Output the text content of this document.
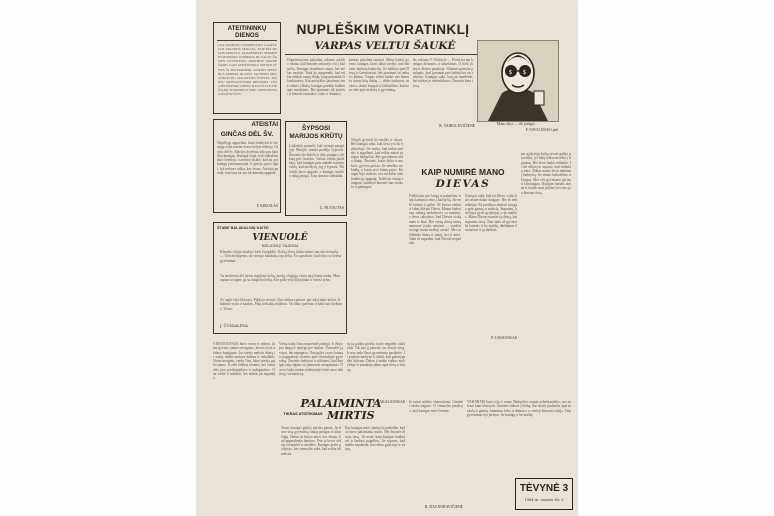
ATEITININKŲ DIENOS
LKP RAMIOJO VANDENYNO GAMYKLOS SPAUDOS SEKCIJA, TAIP PAT RYGOS MOKSLŲ AKADEMIJOS SĖKMINĖS RINKIMŲ KOMISIJA IR NAUJŲ ŠALIES GYVENTOJŲ TARYBOS: PRANEŠAME, KAD ATEITININKŲ DIENOS ĮVYKS ŠĮ SEKMADIENĮ, KURIOS METU BUS MINIMA IR KITŲ JAUNIMO ORGANIZACIJŲ SUKAKTIES ŠVENTĖ, SKIRTŲ ARTĖJANČIOMS DIENOMS. VISI ATEITININKŲ DIENŲ DALYVIAI KVIEČIAMI SUSIRINKTI PRIE VIENUOLYNO BAŽNYČIOS.
ATEISTAI
GINČAS DĖL ŠV.
Neprilygs apgavikui, kuris bažnyčia ir šventųjų valia nuolat tiesos kelyje ieškojo. Ginčas dėl šv. Marijos kryžiaus kilo pas katalikų kunigus. Kunigai teigė, kad stebuklus daro šventoji, o ateistai atsakė, kad tai yra kunigų prasimanymai. Ir ginčas tęsėsi ilgai, kol nebuvo aišku, kas teisus. Ateistai parodė, kad visa tai yra tik žmonių apgaulė.
P. KIRUILAS
NUPLĖŠKIM VORATINKLĮ
VARPAS VELTUI ŠAUKĖ
Organizuojami pakalnių vakaras atsitiko rimtai, kad žmonės nenorėjo eiti į bažnyčią. Kunigas skambino varpu, bet niekas neatėjo. Tada jis nusprendė, kad reikia ieškoti naujų būdų, kaip pritraukti tikinčiuosius. Kai mokyklos jaunimas ėmė rinktis į klubą, kunigas pradėjo kalbėti apie nuodėmes. Bet jaunimas tik juokėsi ir klausėsi muzikos, šoko ir dainavo.
pirmas pakalnių tamsiai. Mūsų kaime gyveno kunigas, kuris labai norėjo, kad žmonės lankytų bažnyčią. Jis kalbėjo apie Dievą ir šventuosius, bet jaunimui tai nebuvo įdomu. Varpas veltui šaukė, nes žmonės turėjo kitų darbų — dirbo laukuose, mokėsi, skaitė knygas ir laikraščius, kuriuose rašė apie mokslą ir gyvenimą.
šis vakaras V. Velaityte — Petrai ka ten kunigas dienomis ir sakydamas. O kiek jis ten ir dienos pasakoja. Vakarais pranyta paslaptis, kad jų namai prie bažnyčios vis tuštesni. Kunigas sako, kad tai nuodėmė, bet niekas jo nebesiklauso. Žmonės žino tiesą.
R. VAIRULEVIČIENĖ
$ $
Mano akys — tik pinigai...
P. NAVALINSKO piel.
ŠYPSOSI MARIJOS KRŪTŲ
Laikraštis pranešė, kad vienoje parapijoje Marijos statula pradėjo šypsotis. Žmonės ėjo žiūrėti ir dėjo pinigus į dėžutę prie statulos. Tačiau vėliau paaiškėjo, kad kunigas pats nudažė statulos veidą, kad atrodytų, jog ji šypsosi. Tikintieji buvo apgauti, o kunigas surinko daug pinigų. Taip daroma stebuklai.
G. BUTAUTAS
Negali gyventi be meilės ir tiesos. Bet kunigai sako, kad tiesa yra tik bažnyčioje. Jie moko, kad reikia melstis ir atgailauti, kad reikia aukoti pinigus bažnyčiai. Bet gyvenimas rodo kitaip. Žmonės, kurie dirba ir mokosi, gyvena geriau. Jie neieško stebuklų, o kuria savo laimę patys. Kunigai bijo mokslo, nes mokslas atskleidžia jų apgaulę. Todėl jie visaip stengiasi sulaikyti žmones nuo mokslo ir pažangos.
ŠTABE BALAKALNIŲ KAITE:
VIENUOLĖ
KELIONIŲ VAIZDAI
Klaudas vėjuje atsakiys kiek žvaigždės. Kokią šlovę kūdaviniuos sau ant vienuolų — Tiesi bedygėnus tik vien po kaudukų tarp kelių, Tos pasakose, kad tylus su šviesa gyvenimas.
Tu nesilemai dėl tiesos regėjimo kelių, juodų, slogiųjų vienų tarp lėpnų rankų. Man sapnavai sapne, gi su daugeliu kelių, Kur pilki vėjo klajojimai ir šviesa tylus.
Ar ruglo sėja dirbsuos. Pikdyja vietose. Kur veikas ypatuse, per atkyrinius kelius. Ir šaltinio vyrai ir kaukės, Pikų stebuklų dailenso. Vis būta: pareitas ir kaltė ant kryžiaus. Tėvas.
J. ČUNIALEVA
VIENUOLYNAS buvo senas ir niūrus. Jame gyveno jaunos merginos, kurias tėvai atidavė kunigams. Jos turėjo melstis dieną ir naktį, dirbti sunkius darbus ir nekalbėti. Viena mergina, vardu Ona, labai norėjo grįžti namo. Ji rašė laiškus tėvams, bet vienuolės juos perskaitydavo ir sudegindavo. Ona verkė ir meldėsi, bet niekas jai nepadėjo.
Vieną naktį Ona nusprendė pabėgti. Ji išlipo pro langą ir nubėgo per laukus. Vienuolės ją vijosi, bet nepagavo. Ona grįžo į savo kaimą ir papasakojo visiems apie vienuolyno gyvenimą. Žmonės stebėjosi ir piktinosi, kad kunigai taip elgiasi su jaunomis merginomis. Nuo to laiko niekas nebenorėjo leisti savo dukterų į vienuolyną.
su jų puikiu grožiu, kurio negalėjo atskleisti. Tik kas jį pamatė, tas žinojo tiesą. Ir nuo tada Onos gyvenimas pasikeitė. Ji pradėjo mokytis ir dirbti, kad galėtų padėti kitiems. Dabar ji moko vaikus mokykloje ir pasakoja jiems apie tiesą ir laisvę.
K. SAKALAUSKAS
KAIP NUMIRĖ MANO
DIEVAS
Pažiūrėjau pro langą ir pamačiau, kaip kaimynai eina į bažnyčią. Jie nešė žvakes ir gėles. Aš buvau vaikas ir labai tikėjau Dievu. Mama kiekvieną vakarą melsdavosi su manimi, o tėvas sakydavo, kad Dievas viską mato ir žino. Bet vieną dieną mūsų namuose įvyko nelaimė — sunkiai susirgo mano mažoji sesutė. Mes meldėmės dieną ir naktį, bet ji mirė. Tada aš supratau, kad Dievas nepadeda.
Kunigas sakė, kad tai Dievo valia, kad sesutė dabar danguje. Bet aš nebetikėjau. Aš pradėjau skaityti knygas apie gamtą ir mokslą. Supratau, kad ligas gydo gydytojai, o ne maldos. Mano Dievas numirė tą dieną, kai supratau tiesą. Nuo tada aš gyvenu be baimės ir be maldų, tikėdamas žmonėmis ir jų darbais.
per gydytojų darbą sesutė galėjo pasveikti, jei būtų laiku nuvežta į ligoninę. Bet tėvai laukė stebuklo. Ir tik vėliau jie suprato, kad stebuklų nėra. Dabar mano tėvai nebeina į bažnyčią. Jie skaito laikraščius ir knygas. Mes visi gyvename geriau ir laimingiau. Kunigas kartais ateina ir bando mus įtikinti, bet mes jau žinome tiesą.
P. JANAUSKAS
PALAIMINTA
TIKRAS ATSITIKIMAS MIRTIS
Senas kunigas gulėjo mirties patale. Jis buvo visą gyvenimą rinkęs pinigus iš tikinčiųjų. Dabar jis bijojo mirti, nes žinojo, kad apgaudinėjo žmones. Prie jo lovos sėdėjo vienuolės ir meldėsi. Kunigas prašė gydytojo, bet vienuolės sakė, kad reikia tik melstis.
Kai kunigas mirė, bažnyčia paskelbė, kad tai buvo palaiminta mirtis. Bet žmonės žinojo tiesą. Jie matė, kaip kunigas kankinosi ir šaukėsi pagalbos. Jie suprato, kad malda nepadeda, kai reikia gydytojo ir vaistų.
Jo turtai atiteko vienuolynui. Giminės nieko negavo. O vienuolės pasakojo, kad kunigas mirė šventas.
B. DAGNORAVIČIENĖ
VAKARAIS buvo tylu ir ramu. Bažnyčios varpai nebeskambėjo, nes nebuvo kam klausytis. Žmonės rinkosi į klubą, kur skaitė paskaitas apie mokslą ir gamtą. Jaunimas šoko ir dainavo, o senieji klausėsi radijo. Taip gyvenimas ėjo pirmyn, be kunigų ir be maldų.
TĖVYNĖ 3
1964 m. vasaris Nr. 3
